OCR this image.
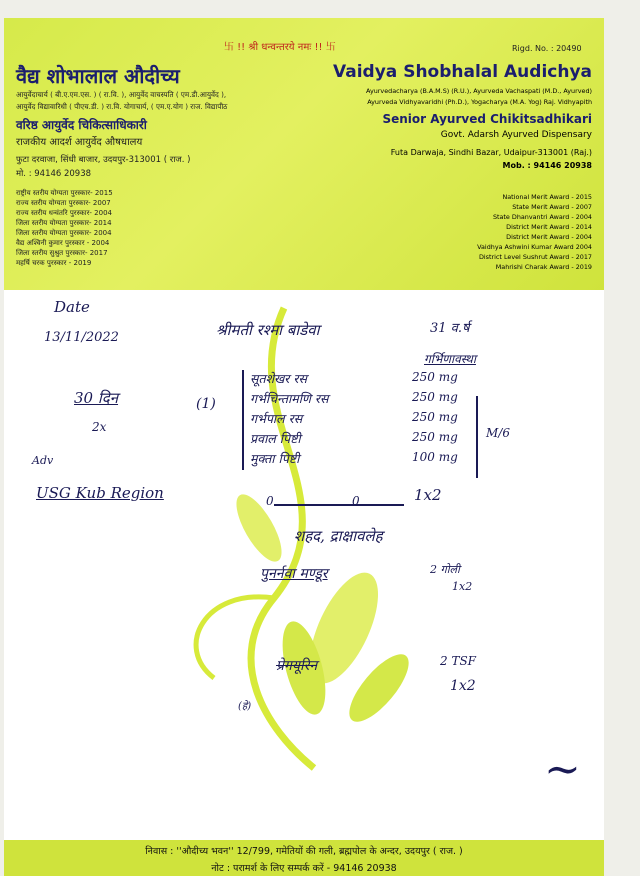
卐 !! श्री धन्वन्तरये नमः !! 卐	Rigd. No. : 20490
वैद्य शोभालाल औदीच्य
आयुर्वेदाचार्य ( बी.ए.एम.एस. ) ( रा.वि. ), आयुर्वेद वाचस्पति ( एम.डी.आयुर्वेद ),
आयुर्वेद विद्यावारिधी ( पीएच.डी. ) रा.वि. योगाचार्य, ( एम.ए.योग ) राज. विद्यापीठ
वरिष्ठ आयुर्वेद चिकित्साधिकारी
राजकीय आदर्श आयुर्वेद औषधालय
फुटा दरवाजा, सिंधी बाजार, उदयपुर-313001 ( राज. )
मो. : 94146 20938
राष्ट्रीय स्तरीय योग्यता पुरस्कार- 2015
राज्य स्तरीय योग्यता पुरस्कार- 2007
राज्य स्तरीय धन्वंतरि पुरस्कार- 2004
जिला स्तरीय योग्यता पुरस्कार- 2014
जिला स्तरीय योग्यता पुरस्कार- 2004
वैद्य अश्विनी कुमार पुरस्कार - 2004
जिला स्तरीय सुश्रुत पुरस्कार- 2017
महर्षि चरक पुरस्कार - 2019
Vaidya Shobhalal Audichya
Ayurvedacharya (B.A.M.S) (R.U.), Ayurveda Vachaspati (M.D., Ayurved)
Ayurveda Vidhyavaridhi (Ph.D.), Yogacharya (M.A. Yog) Raj. Vidhyapith
Senior Ayurved Chikitsadhikari
Govt. Adarsh Ayurved Dispensary
Futa Darwaja, Sindhi Bazar, Udaipur-313001 (Raj.)
Mob. : 94146 20938
National Merit Award - 2015
State Merit Award - 2007
State Dhanvantri Award - 2004
District Merit Award - 2014
District Merit Award - 2004
Vaidhya Ashwini Kumar Award 2004
District Level Sushrut Award - 2017
Mahrishi Charak Award - 2019
Date
13/11/2022	श्रीमती रश्मा बाडेवा	31 व.र्ष
गर्भिणावस्था
30 दिन
2x
(1)
सूतशेखर रस	250 mg
गर्भचिन्तामणि रस	250 mg
गर्भपाल रस	250 mg
प्रवाल पिष्टी	250 mg
मुक्ता पिष्टी	100 mg
M/6
Adv
USG Kub Region	0	0	1x2
शहद, द्राक्षावलेह
पुनर्नवा मण्डूर	2 गोली
1x2
प्रेगयूरिन	2 TSF
1x2
(हे)
~
निवास : ''औदीच्य भवन'' 12/799, गमेतियों की गली, ब्रह्मपोल के अन्दर, उदयपुर ( राज. )
नोट : परामर्श के लिए सम्पर्क करें - 94146 20938
